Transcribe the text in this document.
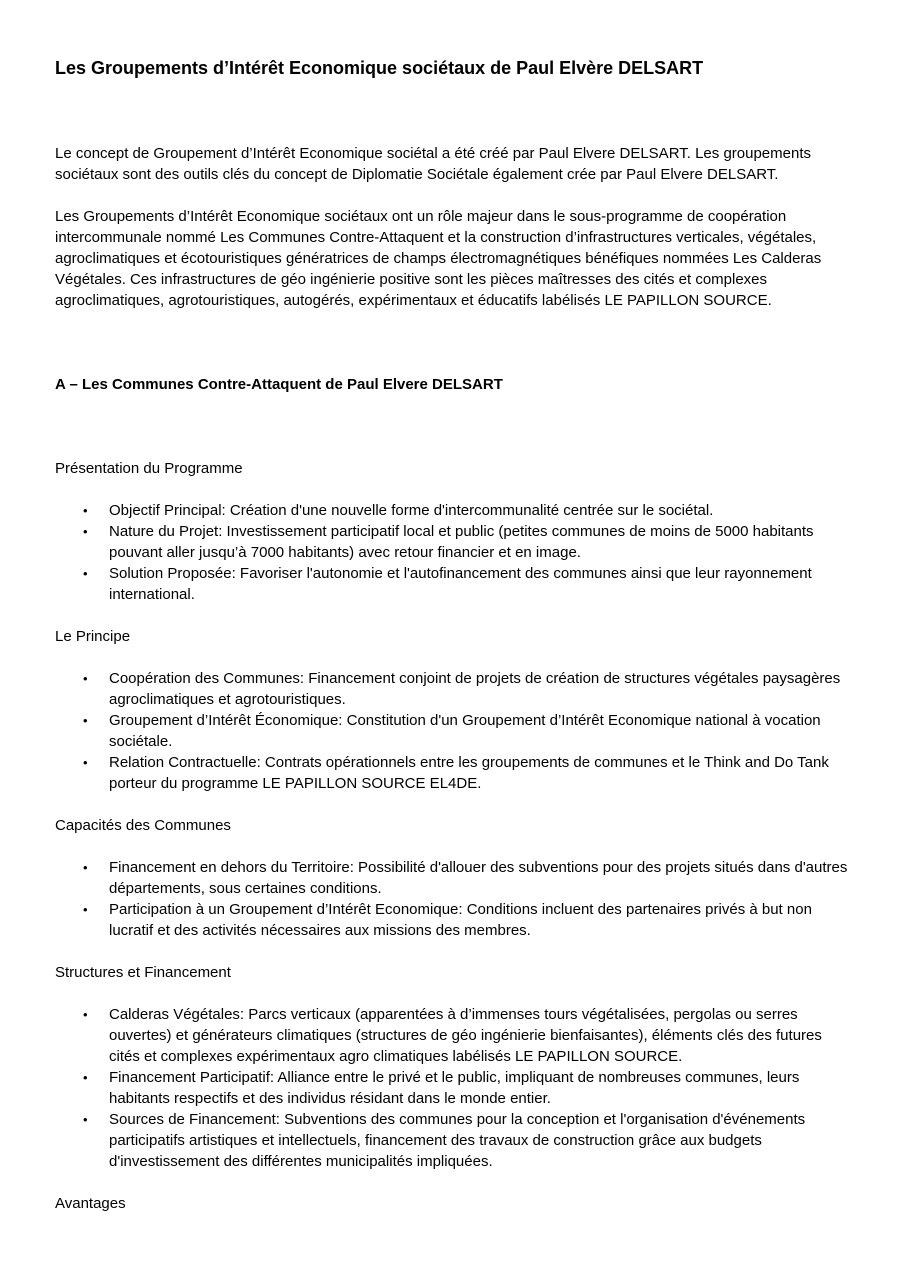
Les Groupements d’Intérêt Economique sociétaux de Paul Elvère DELSART

Le concept de Groupement d’Intérêt Economique sociétal a été créé par Paul Elvere DELSART. Les groupements sociétaux sont des outils clés du concept de Diplomatie Sociétale également crée par Paul Elvere DELSART.

Les Groupements d’Intérêt Economique sociétaux ont un rôle majeur dans le sous-programme de coopération intercommunale nommé Les Communes Contre-Attaquent et la construction d’infrastructures verticales, végétales, agroclimatiques et écotouristiques génératrices de champs électromagnétiques bénéfiques nommées Les Calderas Végétales. Ces infrastructures de géo ingénierie positive sont les pièces maîtresses des cités et complexes agroclimatiques, agrotouristiques, autogérés, expérimentaux et éducatifs labélisés LE PAPILLON SOURCE.

A – Les Communes Contre-Attaquent de Paul Elvere DELSART
Présentation du Programme
• Objectif Principal: Création d'une nouvelle forme d'intercommunalité centrée sur le sociétal.
• Nature du Projet: Investissement participatif local et public (petites communes de moins de 5000 habitants pouvant aller jusqu’à 7000 habitants) avec retour financier et en image.
• Solution Proposée: Favoriser l'autonomie et l'autofinancement des communes ainsi que leur rayonnement international.
Le Principe
• Coopération des Communes: Financement conjoint de projets de création de structures végétales paysagères agroclimatiques et agrotouristiques.
• Groupement d’Intérêt Économique: Constitution d'un Groupement d’Intérêt Economique national à vocation sociétale.
• Relation Contractuelle: Contrats opérationnels entre les groupements de communes et le Think and Do Tank porteur du programme LE PAPILLON SOURCE EL4DE.
Capacités des Communes
• Financement en dehors du Territoire: Possibilité d'allouer des subventions pour des projets situés dans d'autres départements, sous certaines conditions.
• Participation à un Groupement d’Intérêt Economique: Conditions incluent des partenaires privés à but non lucratif et des activités nécessaires aux missions des membres.
Structures et Financement
• Calderas Végétales: Parcs verticaux (apparentées à d’immenses tours végétalisées, pergolas ou serres ouvertes) et générateurs climatiques (structures de géo ingénierie bienfaisantes), éléments clés des futures cités et complexes expérimentaux agro climatiques labélisés LE PAPILLON SOURCE.
• Financement Participatif: Alliance entre le privé et le public, impliquant de nombreuses communes, leurs habitants respectifs et des individus résidant dans le monde entier.
• Sources de Financement: Subventions des communes pour la conception et l'organisation d'événements participatifs artistiques et intellectuels, financement des travaux de construction grâce aux budgets d'investissement des différentes municipalités impliquées.
Avantages
